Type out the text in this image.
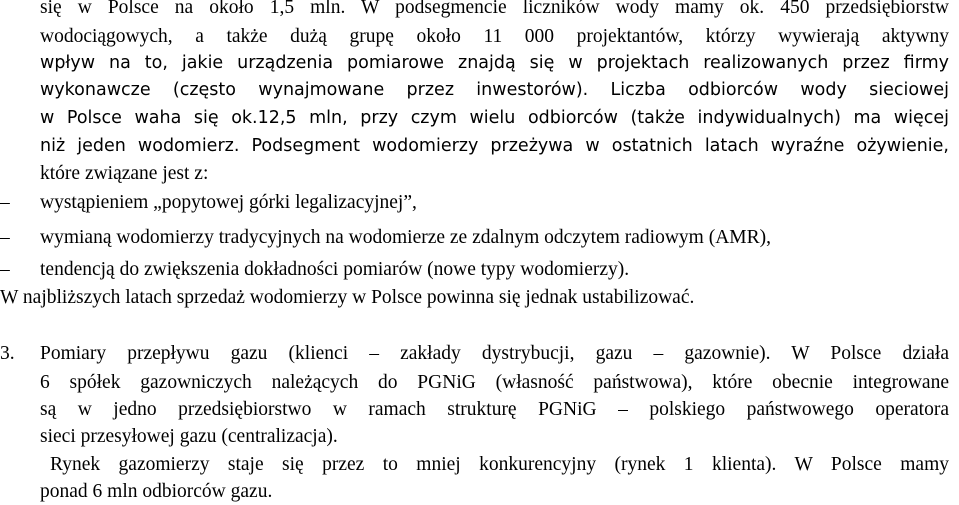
się w Polsce na około 1,5 mln. W podsegmencie liczników wody mamy ok. 450 przedsiębiorstw
wodociągowych, a także dużą grupę około 11 000 projektantów, którzy wywierają aktywny
wpływ na to, jakie urządzenia pomiarowe znajdą się w projektach realizowanych przez firmy
wykonawcze (często wynajmowane przez inwestorów). Liczba odbiorców wody sieciowej
w Polsce waha się ok.12,5 mln, przy czym wielu odbiorców (także indywidualnych) ma więcej
niż jeden wodomierz. Podsegment wodomierzy przeżywa w ostatnich latach wyraźne ożywienie,
które związane jest z:
–	wystąpieniem „popytowej górki legalizacyjnej”,
–	wymianą wodomierzy tradycyjnych na wodomierze ze zdalnym odczytem radiowym (AMR),
–	tendencją do zwiększenia dokładności pomiarów (nowe typy wodomierzy).
W najbliższych latach sprzedaż wodomierzy w Polsce powinna się jednak ustabilizować.
3. Pomiary przepływu gazu (klienci – zakłady dystrybucji, gazu – gazownie). W Polsce działa
6 spółek gazowniczych należących do PGNiG (własność państwowa), które obecnie integrowane
są w jedno przedsiębiorstwo w ramach strukturę PGNiG – polskiego państwowego operatora
sieci przesyłowej gazu (centralizacja).
Rynek gazomierzy staje się przez to mniej konkurencyjny (rynek 1 klienta). W Polsce mamy
ponad 6 mln odbiorców gazu.
